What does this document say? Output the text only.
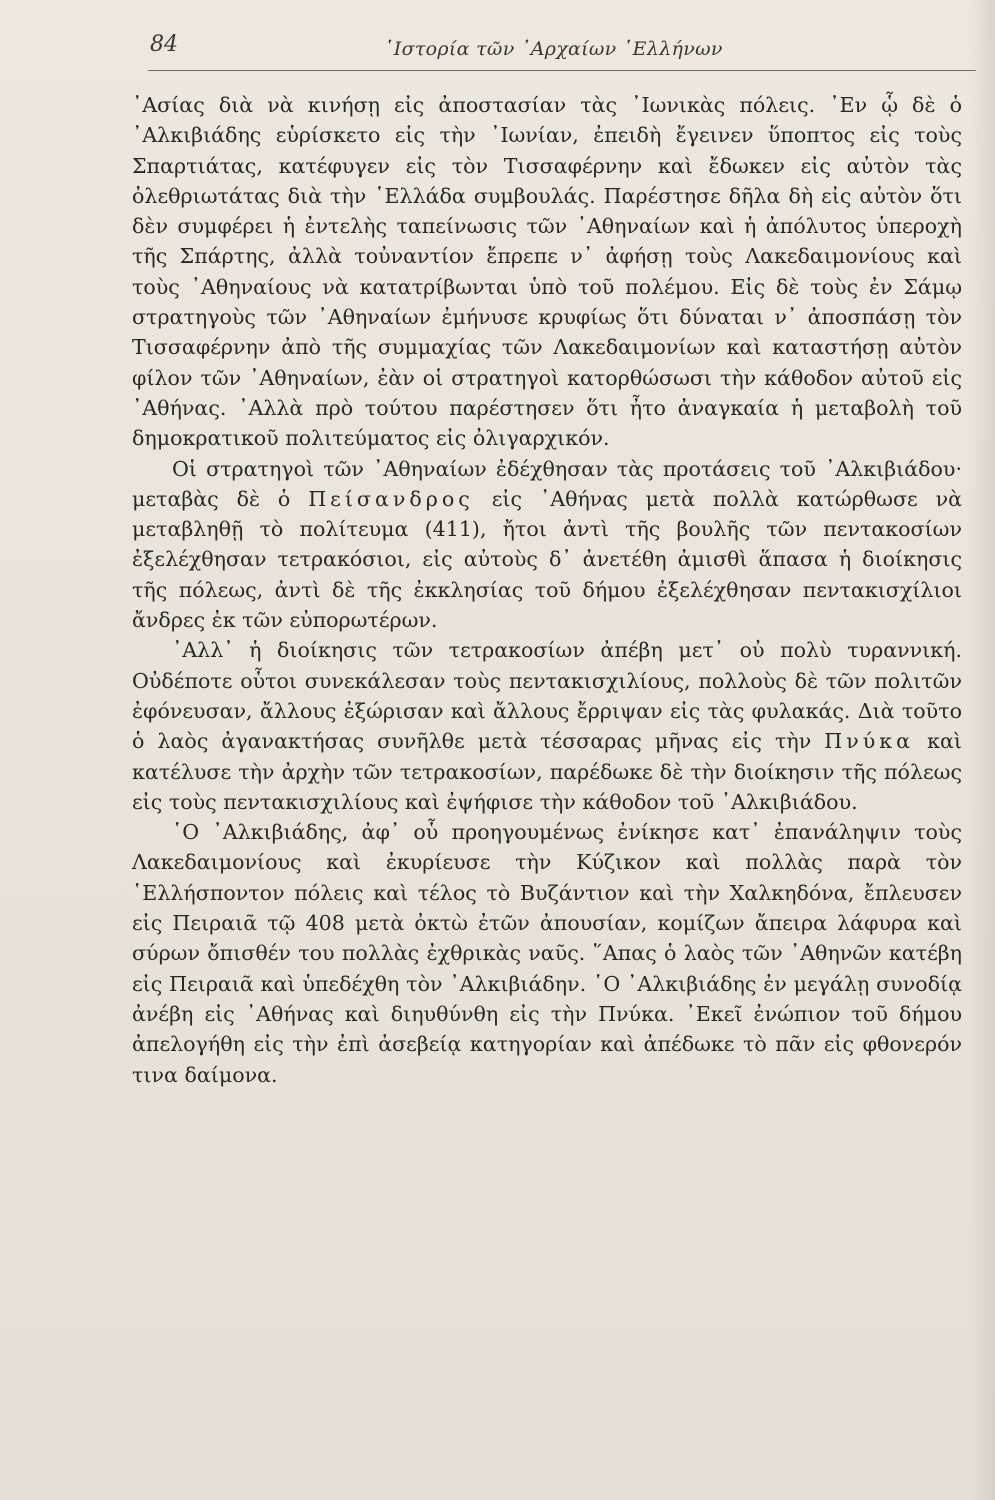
84	῾Ιστορία τῶν ᾿Αρχαίων ῾Ελλήνων

᾿Ασίας διὰ νὰ κινήσῃ εἰς ἀποστασίαν τὰς ᾿Ιωνικὰς πόλεις. ᾿Εν ᾧ δὲ ὁ ᾿Αλκιβιάδης εὑρίσκετο εἰς τὴν ᾿Ιωνίαν, ἐπειδὴ ἔγεινεν ὕποπτος εἰς τοὺς Σπαρτιάτας, κατέφυγεν εἰς τὸν Τισσαφέρνην καὶ ἔδωκεν εἰς αὐτὸν τὰς ὀλεθριωτάτας διὰ τὴν ῾Ελλάδα συμβουλάς. Παρέστησε δῆλα δὴ εἰς αὐτὸν ὅτι δὲν συμφέρει ἡ ἐντελὴς ταπείνωσις τῶν ᾿Αθηναίων καὶ ἡ ἀπόλυτος ὑπεροχὴ τῆς Σπάρτης, ἀλλὰ τοὐναντίον ἔπρεπε ν᾿ ἀφήσῃ τοὺς Λακεδαιμονίους καὶ τοὺς ᾿Αθηναίους νὰ κατατρίβωνται ὑπὸ τοῦ πολέμου. Εἰς δὲ τοὺς ἐν Σάμῳ στρατηγοὺς τῶν ᾿Αθηναίων ἐμήνυσε κρυφίως ὅτι δύναται ν᾿ ἀποσπάσῃ τὸν Τισσαφέρνην ἀπὸ τῆς συμμαχίας τῶν Λακεδαιμονίων καὶ καταστήσῃ αὐτὸν φίλον τῶν ᾿Αθηναίων, ἐὰν οἱ στρατηγοὶ κατορθώσωσι τὴν κάθοδον αὐτοῦ εἰς ᾿Αθήνας. ᾿Αλλὰ πρὸ τούτου παρέστησεν ὅτι ἦτο ἀναγκαία ἡ μεταβολὴ τοῦ δημοκρατικοῦ πολιτεύματος εἰς ὀλιγαρχικόν.

Οἱ στρατηγοὶ τῶν ᾿Αθηναίων ἐδέχθησαν τὰς προτάσεις τοῦ ᾿Αλκιβιάδου· μεταβὰς δὲ ὁ Πείσανδρος εἰς ᾿Αθήνας μετὰ πολλὰ κατώρθωσε νὰ μεταβληθῇ τὸ πολίτευμα (411), ἤτοι ἀντὶ τῆς βουλῆς τῶν πεντακοσίων ἐξελέχθησαν τετρακόσιοι, εἰς αὐτοὺς δ᾿ ἀνετέθη ἀμισθὶ ἅπασα ἡ διοίκησις τῆς πόλεως, ἀντὶ δὲ τῆς ἐκκλησίας τοῦ δήμου ἐξελέχθησαν πεντακισχίλιοι ἄνδρες ἐκ τῶν εὐπορωτέρων.

᾿Αλλ᾿ ἡ διοίκησις τῶν τετρακοσίων ἀπέβη μετ᾿ οὐ πολὺ τυραννική. Οὐδέποτε οὗτοι συνεκάλεσαν τοὺς πεντακισχιλίους, πολλοὺς δὲ τῶν πολιτῶν ἐφόνευσαν, ἄλλους ἐξώρισαν καὶ ἄλλους ἔρριψαν εἰς τὰς φυλακάς. Διὰ τοῦτο ὁ λαὸς ἀγανακτήσας συνῆλθε μετὰ τέσσαρας μῆνας εἰς τὴν Πνύκα καὶ κατέλυσε τὴν ἀρχὴν τῶν τετρακοσίων, παρέδωκε δὲ τὴν διοίκησιν τῆς πόλεως εἰς τοὺς πεντακισχιλίους καὶ ἐψήφισε τὴν κάθοδον τοῦ ᾿Αλκιβιάδου.

῾Ο ᾿Αλκιβιάδης, ἀφ᾿ οὗ προηγουμένως ἐνίκησε κατ᾿ ἐπανάληψιν τοὺς Λακεδαιμονίους καὶ ἐκυρίευσε τὴν Κύζικον καὶ πολλὰς παρὰ τὸν ῾Ελλήσποντον πόλεις καὶ τέλος τὸ Βυζάντιον καὶ τὴν Χαλκηδόνα, ἔπλευσεν εἰς Πειραιᾶ τῷ 408 μετὰ ὀκτὼ ἐτῶν ἀπουσίαν, κομίζων ἄπειρα λάφυρα καὶ σύρων ὄπισθέν του πολλὰς ἐχθρικὰς ναῦς. ῞Απας ὁ λαὸς τῶν ᾿Αθηνῶν κατέβη εἰς Πειραιᾶ καὶ ὑπεδέχθη τὸν ᾿Αλκιβιάδην. ῾Ο ᾿Αλκιβιάδης ἐν μεγάλῃ συνοδίᾳ ἀνέβη εἰς ᾿Αθήνας καὶ διηυθύνθη εἰς τὴν Πνύκα. ᾿Εκεῖ ἐνώπιον τοῦ δήμου ἀπελογήθη εἰς τὴν ἐπὶ ἀσεβείᾳ κατηγορίαν καὶ ἀπέδωκε τὸ πᾶν εἰς φθονερόν τινα δαίμονα.
